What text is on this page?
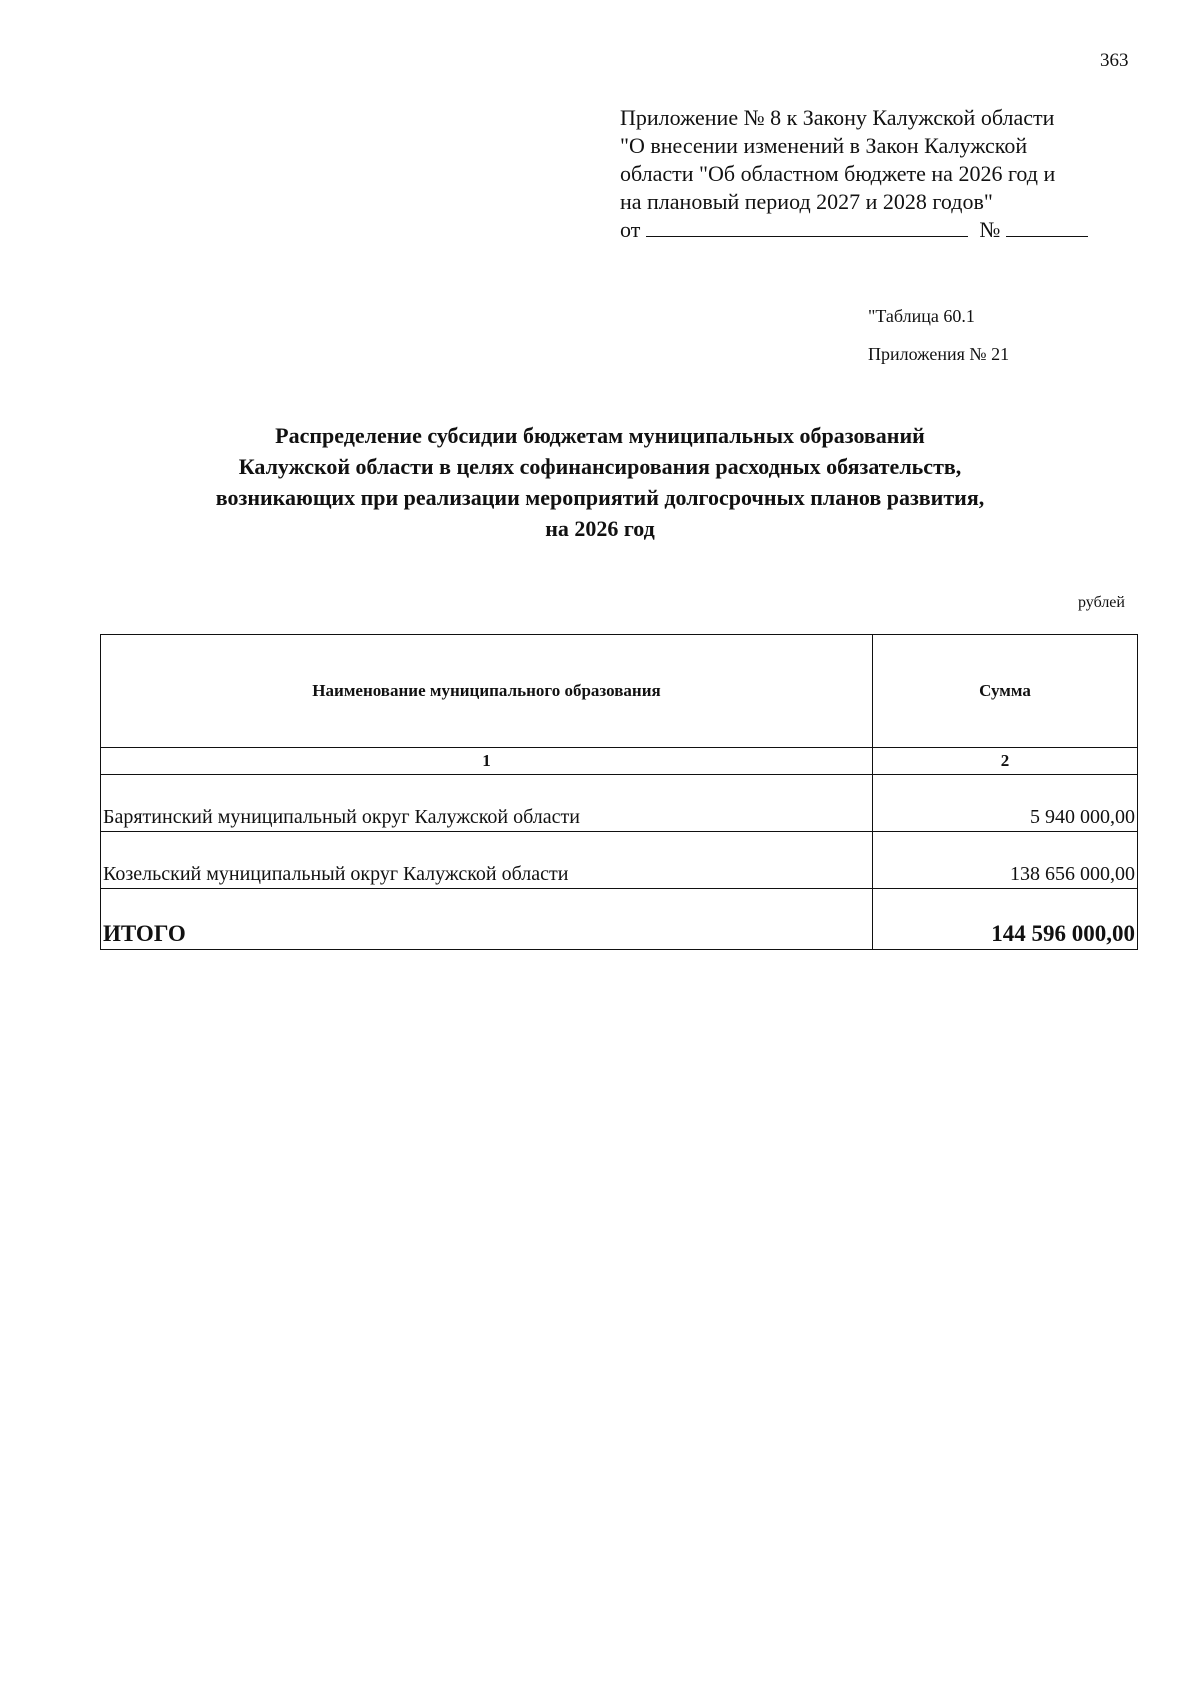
363
Приложение № 8 к Закону Калужской области
"О внесении изменений в Закон Калужской
области "Об областном бюджете на 2026 год и
на плановый период 2027 и 2028 годов"
от	№
"Таблица 60.1
Приложения № 21
Распределение субсидии бюджетам муниципальных образований
Калужской области в целях софинансирования расходных обязательств,
возникающих при реализации мероприятий долгосрочных планов развития,
на 2026 год
рублей
Наименование муниципального образования	Сумма
1	2
Барятинский муниципальный округ Калужской области	5 940 000,00
Козельский муниципальный округ Калужской области	138 656 000,00
ИТОГО	144 596 000,00
